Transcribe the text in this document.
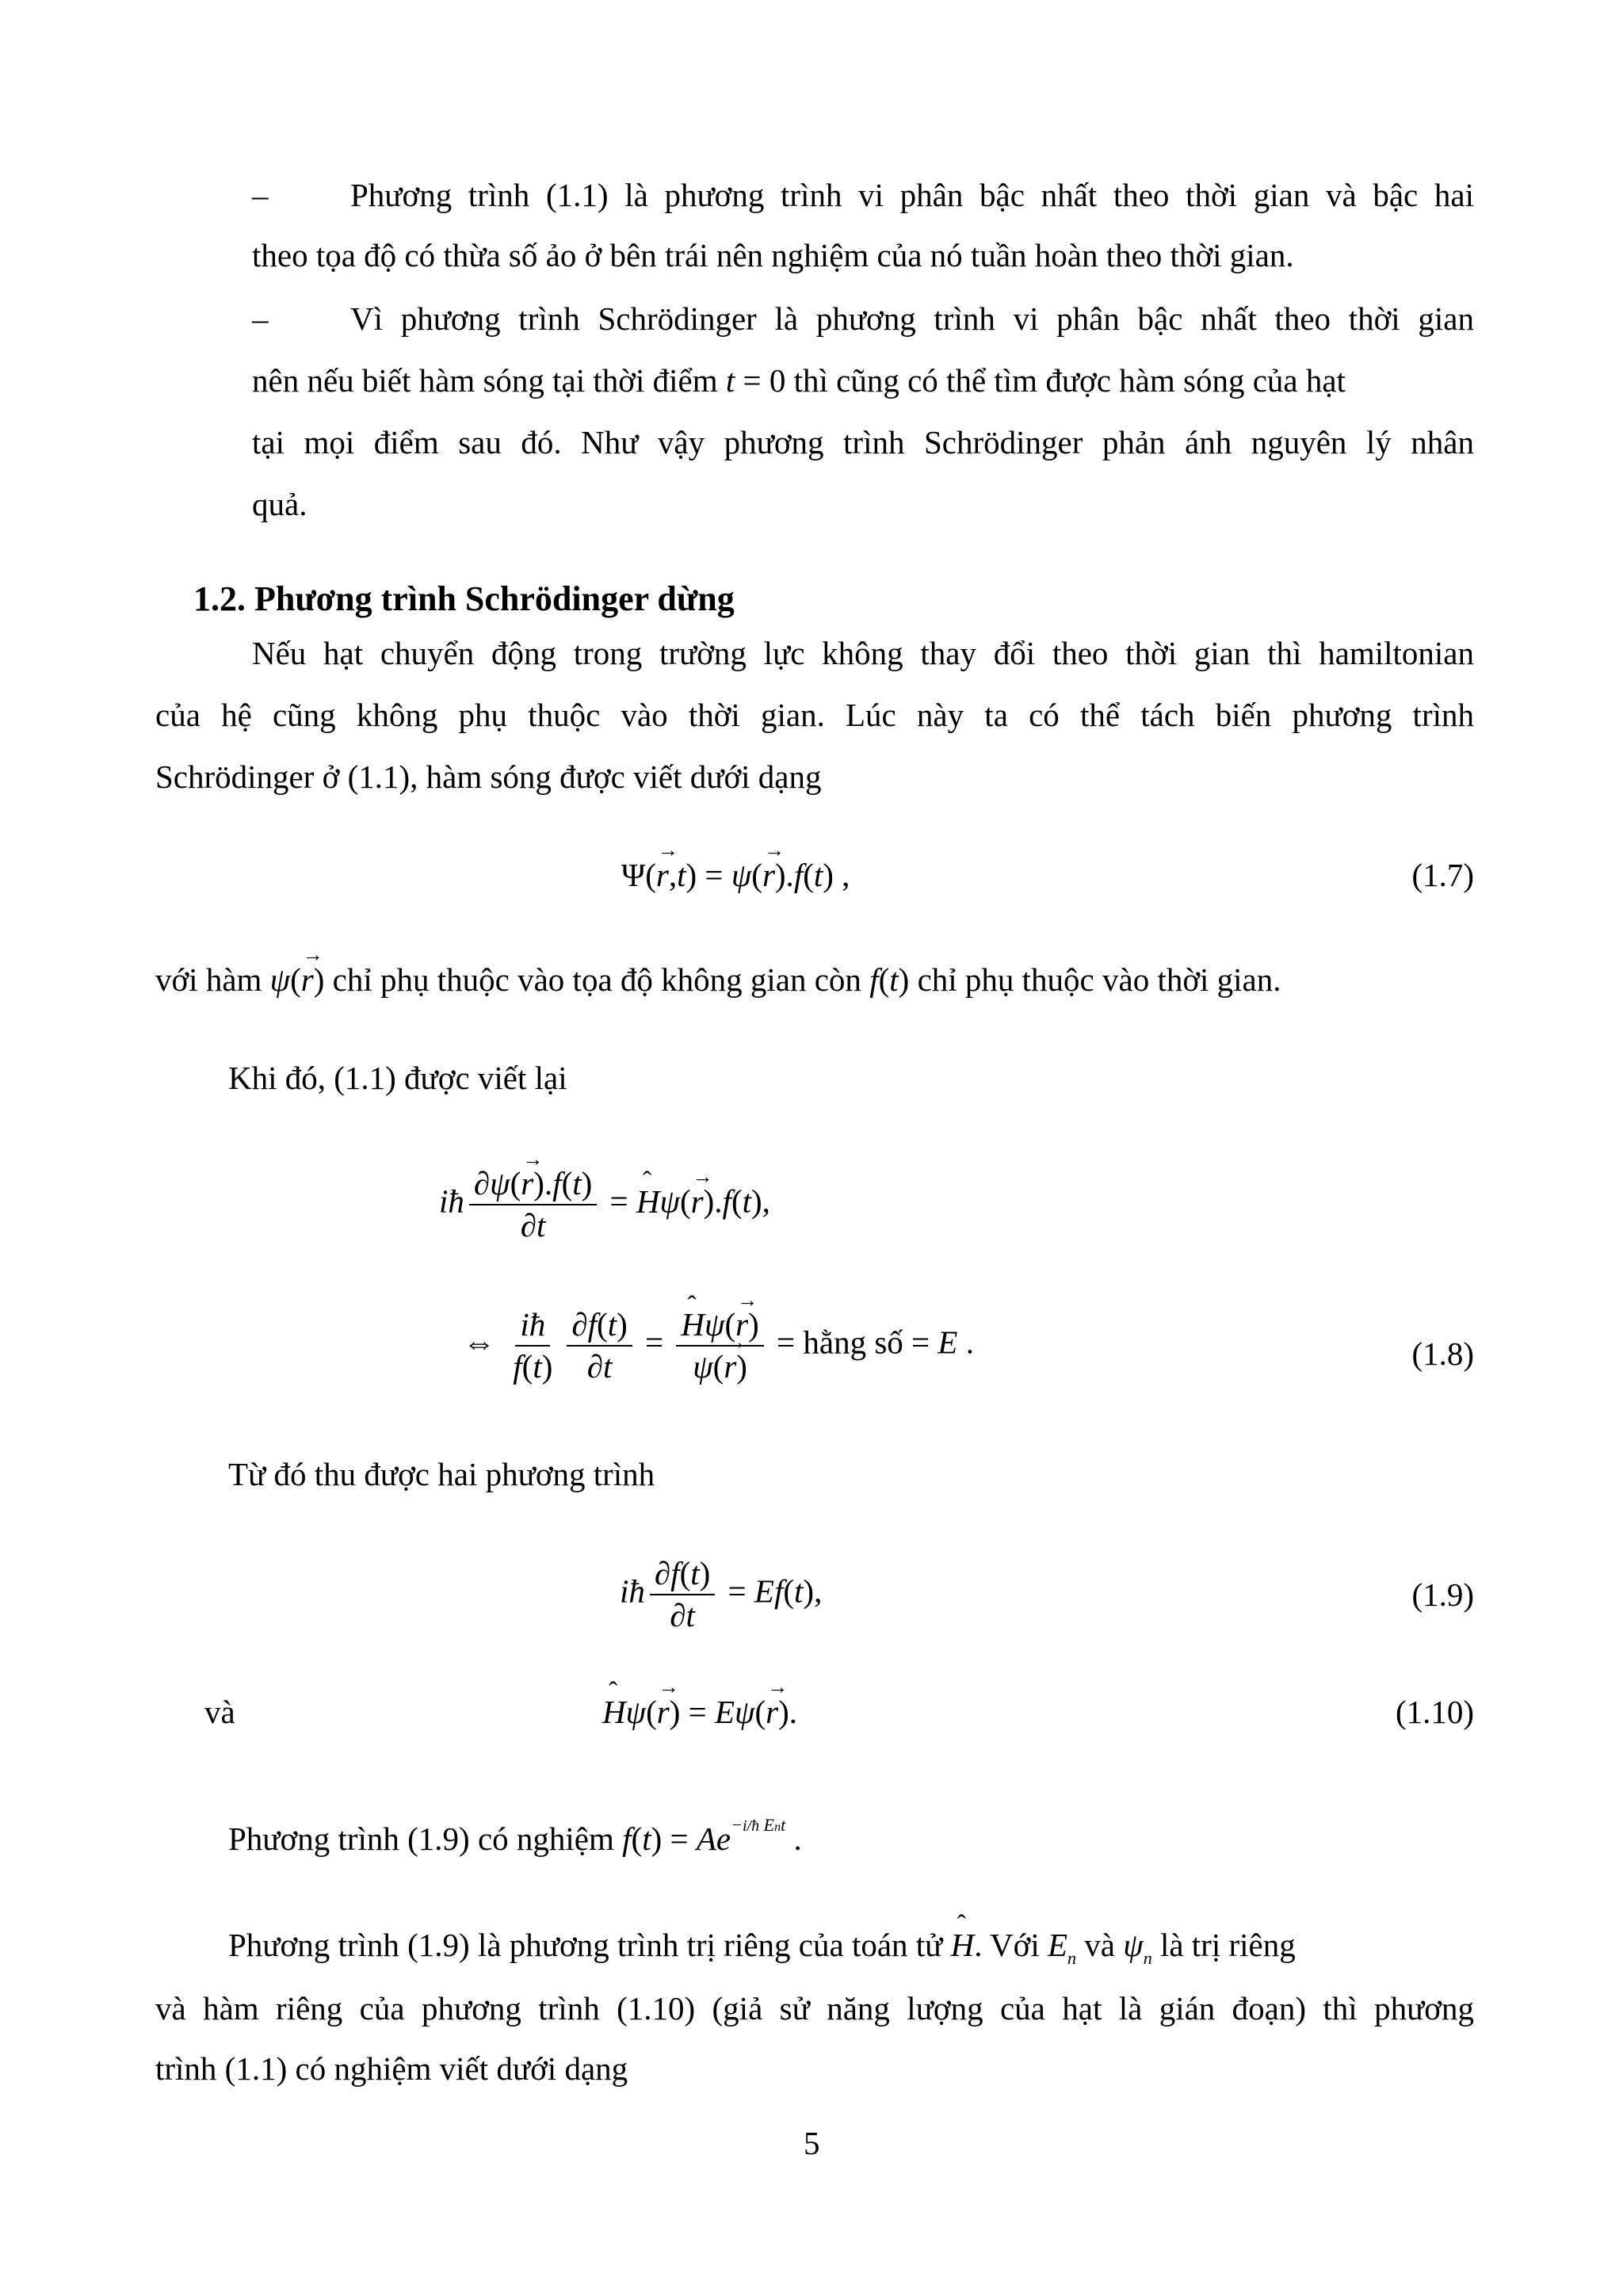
–	Phương trình (1.1) là phương trình vi phân bậc nhất theo thời gian và bậc hai
theo tọa độ có thừa số ảo ở bên trái nên nghiệm của nó tuần hoàn theo thời gian.
–	Vì phương trình Schrödinger là phương trình vi phân bậc nhất theo thời gian
nên nếu biết hàm sóng tại thời điểm t = 0 thì cũng có thể tìm được hàm sóng của hạt
tại mọi điểm sau đó. Như vậy phương trình Schrödinger phản ánh nguyên lý nhân
quả.
1.2. Phương trình Schrödinger dừng
Nếu hạt chuyển động trong trường lực không thay đổi theo thời gian thì hamiltonian
của hệ cũng không phụ thuộc vào thời gian. Lúc này ta có thể tách biến phương trình
Schrödinger ở (1.1), hàm sóng được viết dưới dạng
Ψ(→ r,t) = ψ(→ r).f(t) ,	(1.7)
với hàm ψ(→ r) chỉ phụ thuộc vào tọa độ không gian còn f(t) chỉ phụ thuộc vào thời gian.
Khi đó, (1.1) được viết lại
iħ $\frac{\partial\psi(\to r).f(t)}{\partial t}$ = ˆ Hψ(→ r).f(t),
⇔ $\frac{iħ}{f(t)} \frac{\partial f(t)}{\partial t}$ = ˆ $\frac{H\psi(\to r)}{\psi(\to r)}$ = hằng số = E .	(1.8)
Từ đó thu được hai phương trình
iħ $\frac{\partial f(t)}{\partial t} = Ef(t)$,	(1.9)
và	ˆ Hψ(→ r) = Eψ(→ r).	(1.10)
Phương trình (1.9) có nghiệm $f(t) = Ae^{-i/ħ Ent}$ .
Phương trình (1.9) là phương trình trị riêng của toán tử ˆ H. Với $E_n$ và $\psi_n$ là trị riêng
và hàm riêng của phương trình (1.10) (giả sử năng lượng của hạt là gián đoạn) thì phương
trình (1.1) có nghiệm viết dưới dạng
5
